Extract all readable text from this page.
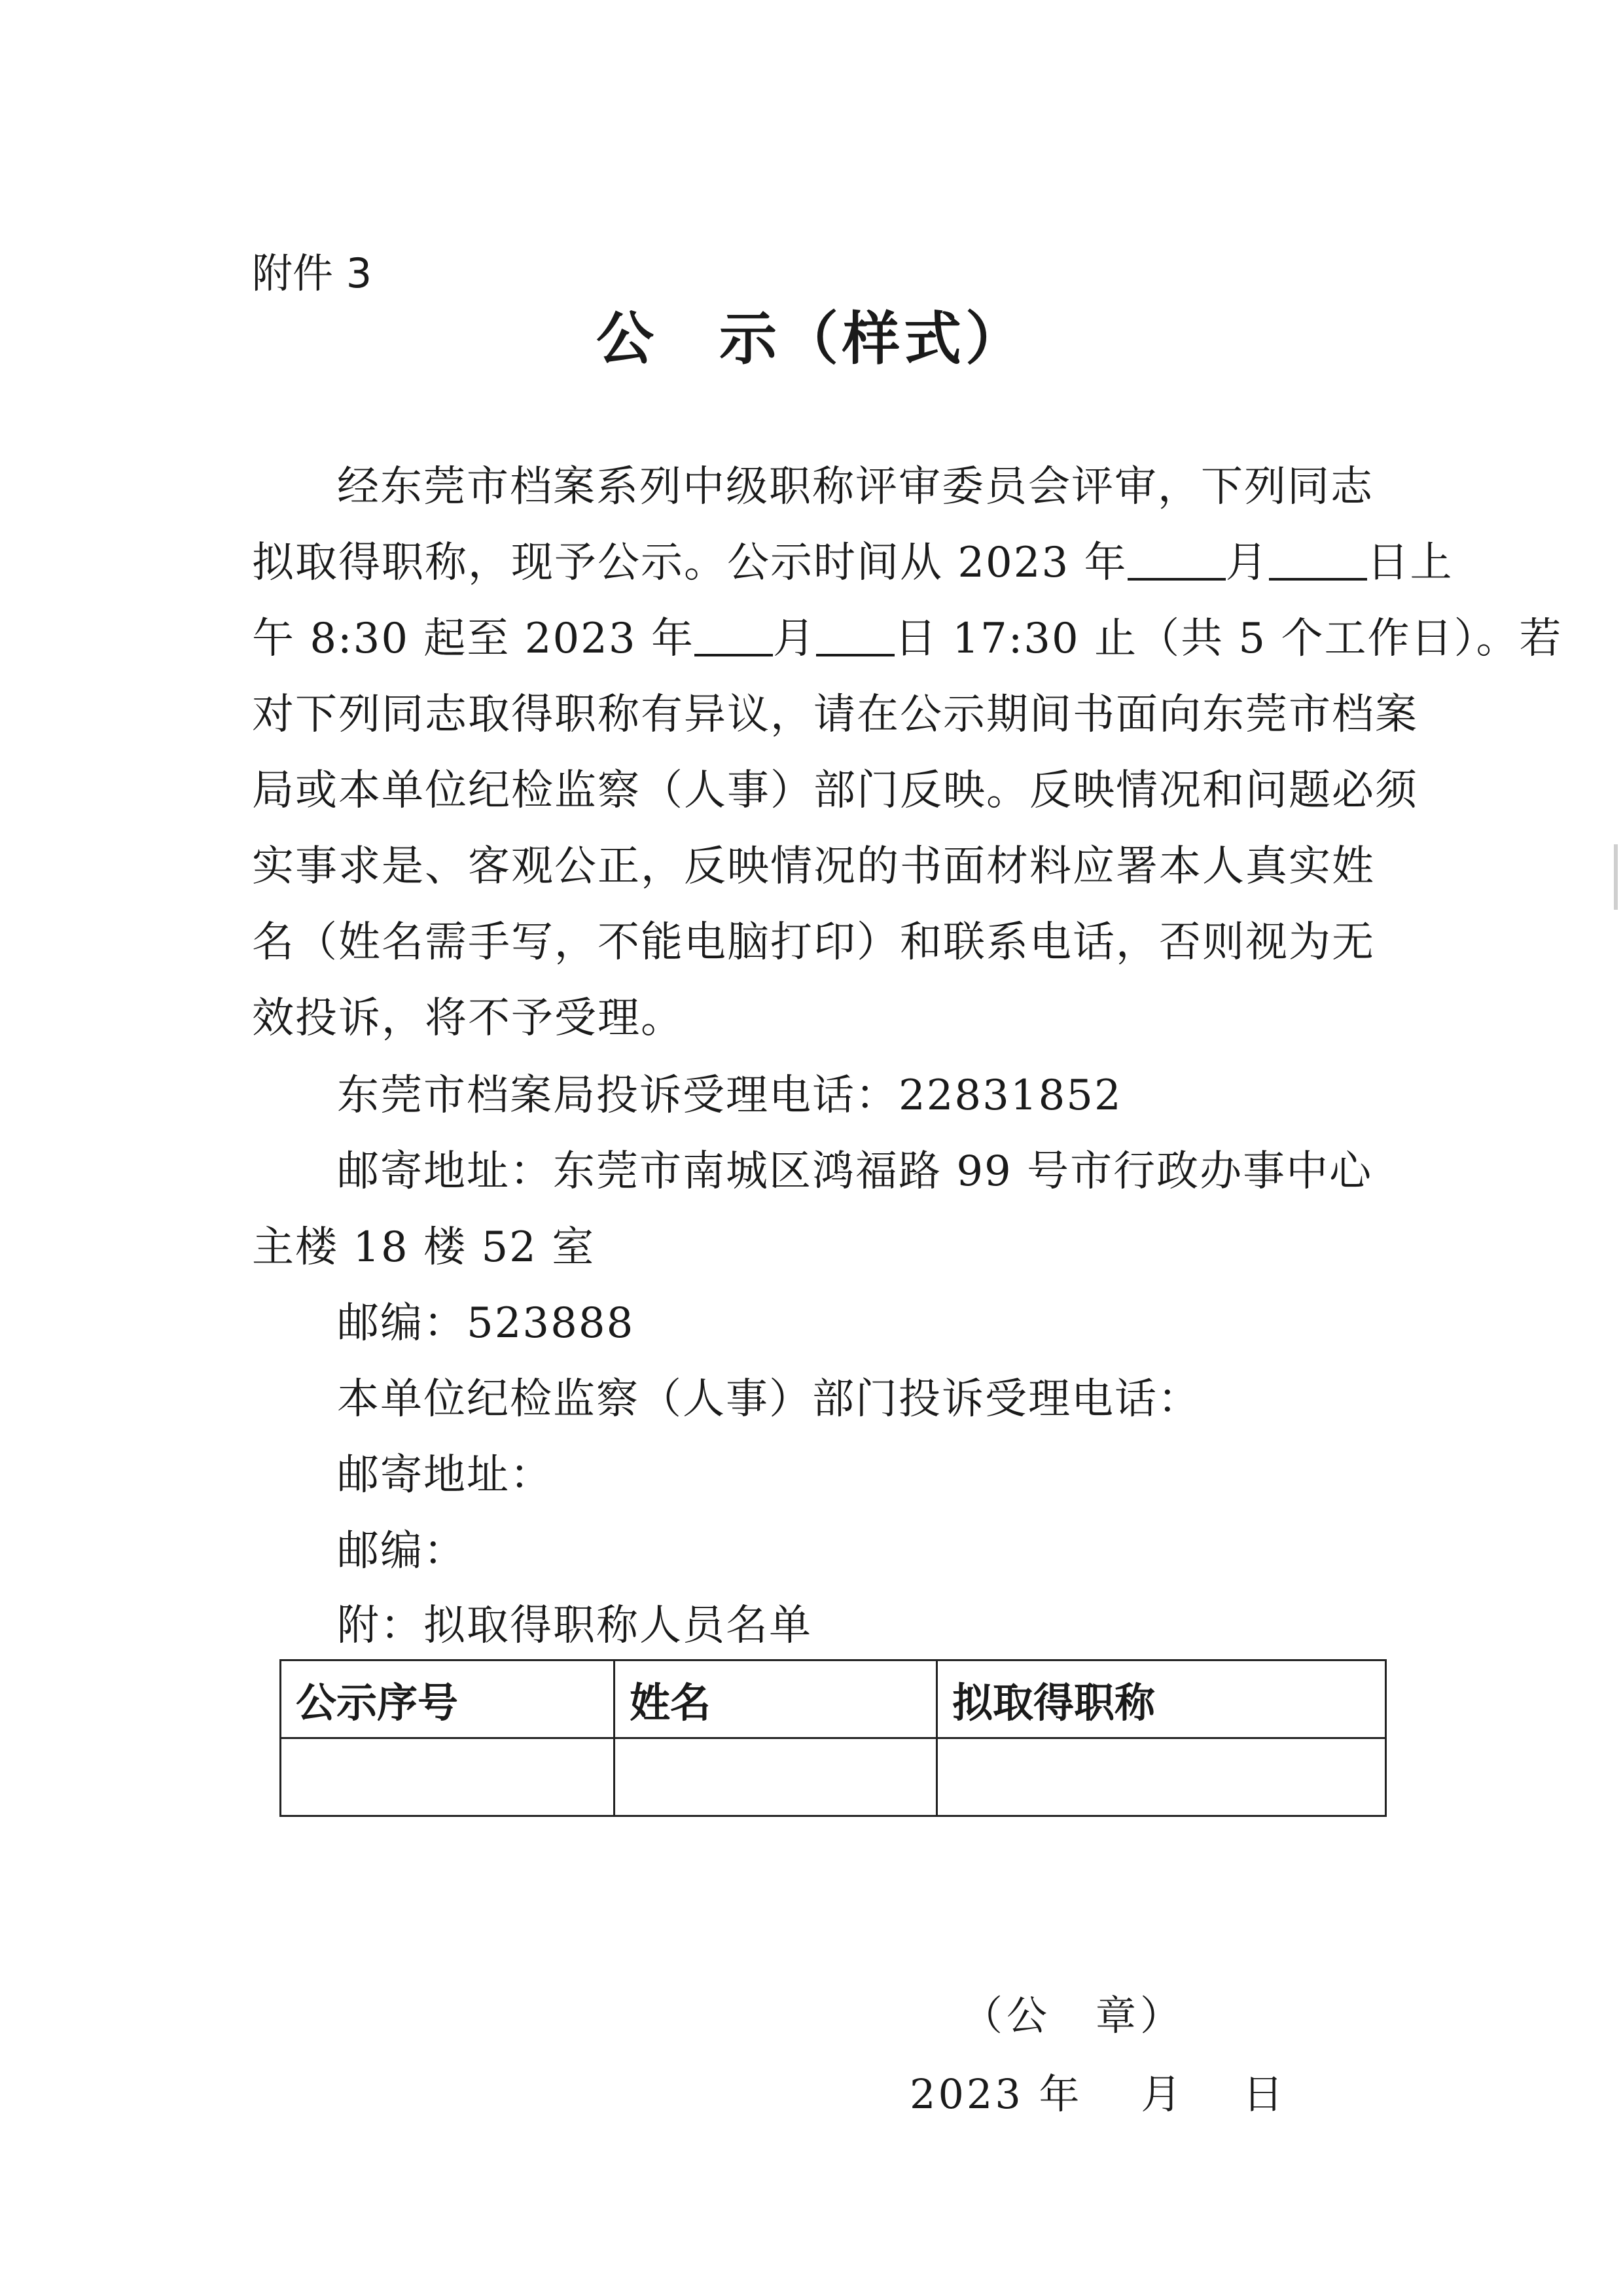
附件 3
公　示（样式）
经东莞市档案系列中级职称评审委员会评审，下列同志
拟取得职称，现予公示。公示时间从 2023 年 月 日上
午 8:30 起至 2023 年 月 日 17:30 止（共 5 个工作日）。若
对下列同志取得职称有异议，请在公示期间书面向东莞市档案
局或本单位纪检监察（人事）部门反映。反映情况和问题必须
实事求是、客观公正，反映情况的书面材料应署本人真实姓
名（姓名需手写，不能电脑打印）和联系电话，否则视为无
效投诉，将不予受理。
东莞市档案局投诉受理电话：22831852
邮寄地址：东莞市南城区鸿福路 99 号市行政办事中心
主楼 18 楼 52 室
邮编：523888
本单位纪检监察（人事）部门投诉受理电话：
邮寄地址：
邮编：
附：拟取得职称人员名单
公示序号	姓名	拟取得职称

（公　章）
2023 年　 月　 日
